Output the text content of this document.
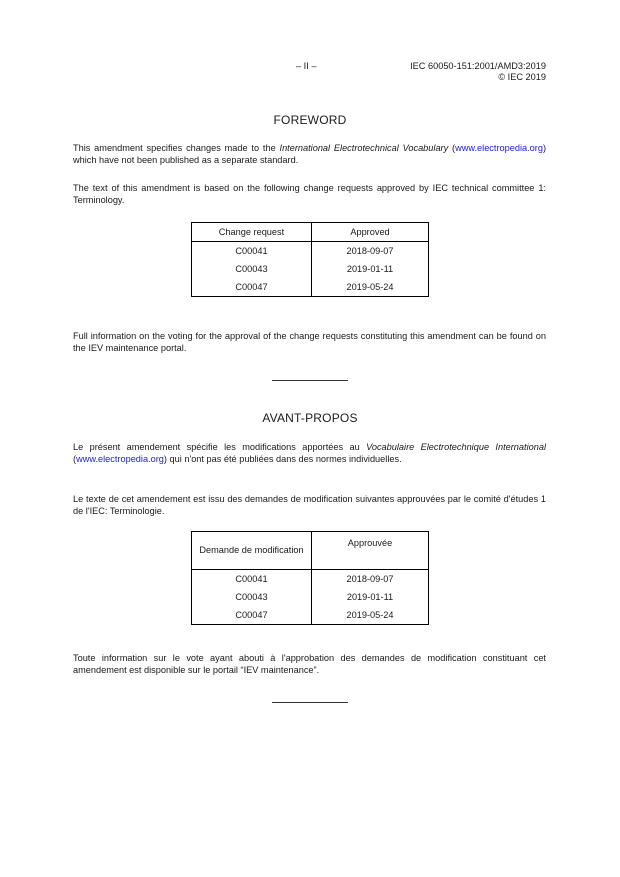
– II –	IEC 60050-151:2001/AMD3:2019
© IEC 2019
FOREWORD
This amendment specifies changes made to the International Electrotechnical Vocabulary (www.electropedia.org) which have not been published as a separate standard.
The text of this amendment is based on the following change requests approved by IEC technical committee 1: Terminology.
Change request	Approved
C00041	2018-09-07
C00043	2019-01-11
C00047	2019-05-24
Full information on the voting for the approval of the change requests constituting this amendment can be found on the IEV maintenance portal.
AVANT-PROPOS
Le présent amendement spécifie les modifications apportées au Vocabulaire Electrotechnique International (www.electropedia.org) qui n'ont pas été publiées dans des normes individuelles.
Le texte de cet amendement est issu des demandes de modification suivantes approuvées par le comité d'études 1 de l'IEC: Terminologie.
Demande de modification	Approuvée
C00041	2018-09-07
C00043	2019-01-11
C00047	2019-05-24
Toute information sur le vote ayant abouti à l'approbation des demandes de modification constituant cet amendement est disponible sur le portail “IEV maintenance”.
